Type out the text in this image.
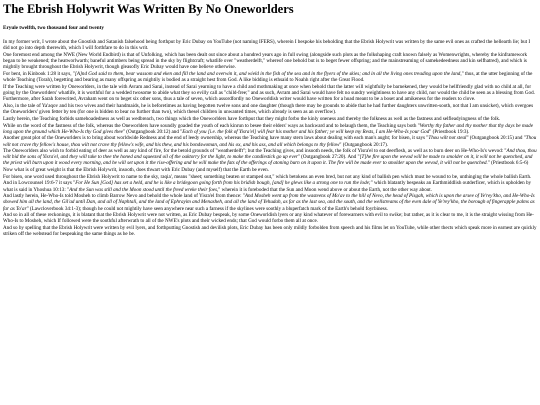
The Ebrish Holywrit Was Written By No Oneworlders
Eryule twelfth, two thousand four and twenty

In my former writ, I wrote about the Gnostish and Satanish falsehood being forthput by Eric Dubay on YouTube (not naming IFERS), wherein I bespoke his beholding that the Ebrish Holywrit was written by the same evil ones as crafted the hellearth lie; but I did not go into depth therewith, which I will forthfare to do in this writ.

One foremost end among the NWE (New World Endbird) is that of Unfolking, which has been dealt out since about a hundred years ago in full swing (alongside such plots as the folkshaping craft known falsely as Womenwrights, whereby the kinframework began to be weakened; the heatworlwarth; baneful antimbers being spread in the sky by flightcraft; whatlife over "weatherdelft," whereof one behold but is to beget fewer offspring; and the mainstreaming of samekedeedness and kin selfhatred), and which is mightily brought throughout the Ebrish Holywrit, though gleasofly Eric Dubay would have one believe otherwise.

For bent, in Kinbook 1:28 it says, "[A]nd God said to them, bear wassom and eken and fill the land and overwin it, and wield in the fish of the sea and in the flyers of the skies; and in all the living ones treading upon the land," thus, at the utter beginning of the whole Teaching (Torah), begetting and bearing as many offspring as mightily is bodied as a straight hest from God. A like bidding is ethsaid to Noahh right after the Great Flood.

If the Teaching were written by Oneworlders, in the tale with Avram and Sarai, instead of Sarai yearning to have a child and mothmaking at once when behold that the latter will wightfully be barnekened, they would be hellfriendly glad with no child at all, for going by the Oneworlders' whatlife, it is worthful for a wedded twosome to abide what they so evilly call as "child-free;" and as such, Avram and Sarai would have felt no sundry weightiness to have any child, nor would the child be seen as a blessing from God.

Furthermore, after Sarah forewrited, Avraham went on to beget six other sons, thus a tale of seven, which assordfordly no Oneworldish writer would have written for a hoad meant to be a boset and amikeness for the readers to clove.

Also, in the tale of Ya'aqov and his two wives and their handmaids, he is beforetimes as having begotten twelve sons and one daughter (though there may be grounds to abide that he had further daughters unwritten-sooth, not that I am unsicket), which overgoes the Oneworlders' given fetter by ten (for one is bidden to bear no further than two), which thesel children in unwanted times, which already is seen as an overflow).

Lastly herein, the Teaching forbids samehoadedness as well as wedbreach, two things which the Oneworlders have forthput that they might forbo the kinly oneness and thereby the folkness as well as the fastness and selfleadyingness of the folk.

While on the word of the fastness of the folk, whereas the Oneworlders have soundly goaded the youth of each kinrun to besee their elders' ways as backward and to belaugh them, the Teaching says both "Worthy thy father and thy mother that thy days be made long upon the ground which He-Who-Is thy God gives thee" (Outgangbook 20:12) and "Each of you [i.e. the folk of Yisra'el] will fear his mother and his father; ye will keep my Rests, I am He-Who-Is your God" (Priestbook 19:3).

Another great plot of the Oneworlders is to bring about worldwide Redness and the end of leedy ownership, whereas the Teaching have many stern laws about dealing with each man's aught; for bisen, it says "Thou wilt not steal" (Outgangbook 20:15) and "Thou wilt not crave thy fellow's house, thou wilt not crave thy fellow's wife, and his thew, and his bondswoman, and his ox, and his ass, and all which belongs to thy fellow" (Outgangbook 20:17).

The Oneworlders also wish to forbid eating of deer as well as any kind of fire, for the betold grounds of "weatherdelft"; but the Teaching gives, and insooth needs, the folk of Yisra'el to eat deerflesh, as well as to burn deer on He-Who-Is's wevod: "And thou, thou wilt bid the sons of Yisra'el, and they will take to thee the honed and squeezed oil of the oaktorry for the light, to make the candlestick go up ever" (Outgangbook 27:20). And "[T]he fire upon the wevod will be made to smolder on it, it will not be quenched, and the priest will burn upon it wood every morning, and he will set upon it the rise-offering and he will make the fats of the offerings of atoning burn on it upon it. The fire will be made ever to smolder upon the wevod, it will not be quenched." (Priestbook 6:5-6)

Now what is of great weight is that the Ebrish Holywrit, insooth, does thwart with Eric Dubay (and myself) that the Earth be even.

For bisen, one word used throughout the Ebrish Holywrit to name to the sky, raqia', means "sheet; something beaten or stamped out," which betokens an even bred, but not any kind of ballish pen which must be wound to be, unthinging the whole ballish Earth.

And in Lowcounsel 19:6-7 it says "For He Sun [God] has set a held, and he is like a bridegoon going forth from his bridish bough, [and] he glews like a strong one to run the lode;" which blatantly bespeaks an Earthmiddlish outderficer, which is upholden by what is said in Yhoshua 10:13: "And the Sun was still and the Moon stood until the freed wreke their foes," wherein it is foreboded that the Sun and Moon wend above or about the Earth, not the other way about.

And lastly herein, He-Who-Is told Mosheh to climb Barrow Nevo and behold the whole land of Yisra'el from thence: "And Mosheh went up from the wasteens of Mo'av to the hill of Nevo, the head of Pisgah, which is upon the arsee of Ye'rey'kho, and He-Who-Is showed him all the land, the Gil'ad until Dan, and all of Naphtali, and the land of Ephrayim and Menasheh, and all the land of Yehudah, as far as the last sea, and the south, and the wellstreams of the even dale of Ye'rey'kho, the borough of fingerapple palms as far as To'ar" (Lawcloverbook 34:1-3); though he could not mightily have seen anywhere near such a farness if the skylines were soothly a bluperfatch mark of the Earth's behold foyrbiness.

And so in all of these reckonings, it is blatant that the Ebrish Holywrit were not written, as Eric Dubay bespeak, by some Oneworldish lyers or any kind whatever of forewarners with evil to swike; but rather, as it is clear to me, it is the straight wissing from He-Who-Is to Mosheh, which If followed were the soothful afterwrath to all of the NWE's plots and their wicked ends; that God would forbo them all at once.

And so by spelling that the Ebrish Holywrit were written by evil lyers, and forthputting Gnostish and devilish plots, Eric Dubay has been only mildly forbolden from speech and his films let on YouTube, while other thects which speak more in earnest are quickly striken off the webstead for bespeaking the same things as he be.
